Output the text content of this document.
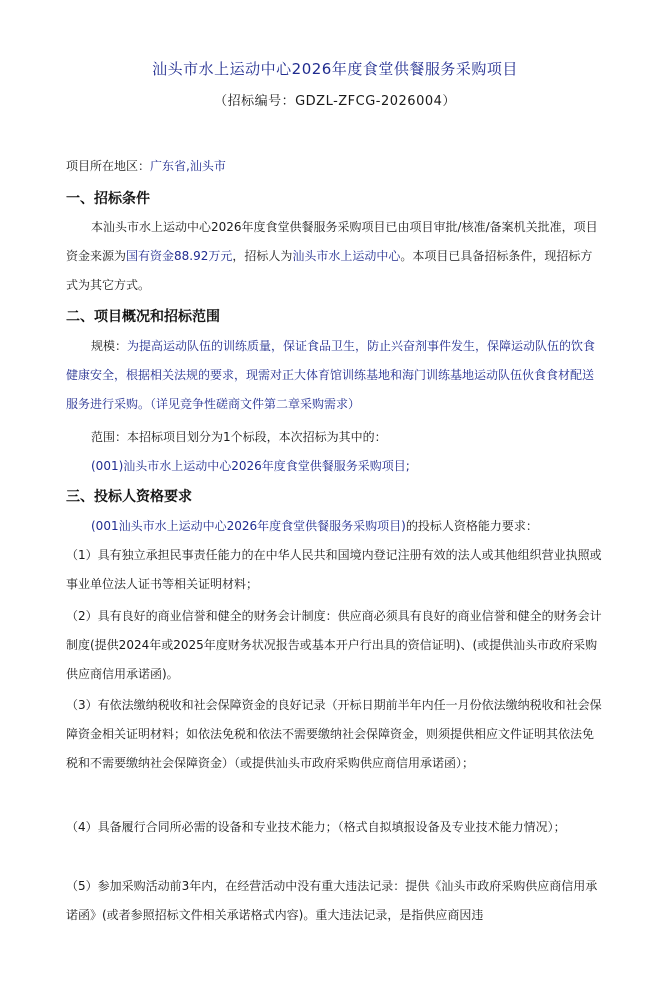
汕头市水上运动中心2026年度食堂供餐服务采购项目
（招标编号：GDZL-ZFCG-2026004）
项目所在地区：广东省,汕头市
一、招标条件
本汕头市水上运动中心2026年度食堂供餐服务采购项目已由项目审批/核准/备案机关批准，项目资金来源为国有资金88.92万元，招标人为汕头市水上运动中心。本项目已具备招标条件，现招标方式为其它方式。
二、项目概况和招标范围
规模：为提高运动队伍的训练质量，保证食品卫生，防止兴奋剂事件发生，保障运动队伍的饮食健康安全，根据相关法规的要求，现需对正大体育馆训练基地和海门训练基地运动队伍伙食食材配送服务进行采购。（详见竞争性磋商文件第二章采购需求）
范围：本招标项目划分为1个标段，本次招标为其中的：
(001)汕头市水上运动中心2026年度食堂供餐服务采购项目;
三、投标人资格要求
(001汕头市水上运动中心2026年度食堂供餐服务采购项目)的投标人资格能力要求：
（1）具有独立承担民事责任能力的在中华人民共和国境内登记注册有效的法人或其他组织营业执照或事业单位法人证书等相关证明材料；
（2）具有良好的商业信誉和健全的财务会计制度：供应商必须具有良好的商业信誉和健全的财务会计制度(提供2024年或2025年度财务状况报告或基本开户行出具的资信证明)、(或提供汕头市政府采购供应商信用承诺函)。
（3）有依法缴纳税收和社会保障资金的良好记录（开标日期前半年内任一月份依法缴纳税收和社会保障资金相关证明材料；如依法免税和依法不需要缴纳社会保障资金，则须提供相应文件证明其依法免税和不需要缴纳社会保障资金）（或提供汕头市政府采购供应商信用承诺函）；
（4）具备履行合同所必需的设备和专业技术能力；（格式自拟填报设备及专业技术能力情况）；
（5）参加采购活动前3年内，在经营活动中没有重大违法记录：提供《汕头市政府采购供应商信用承诺函》(或者参照招标文件相关承诺格式内容)。重大违法记录，是指供应商因违
